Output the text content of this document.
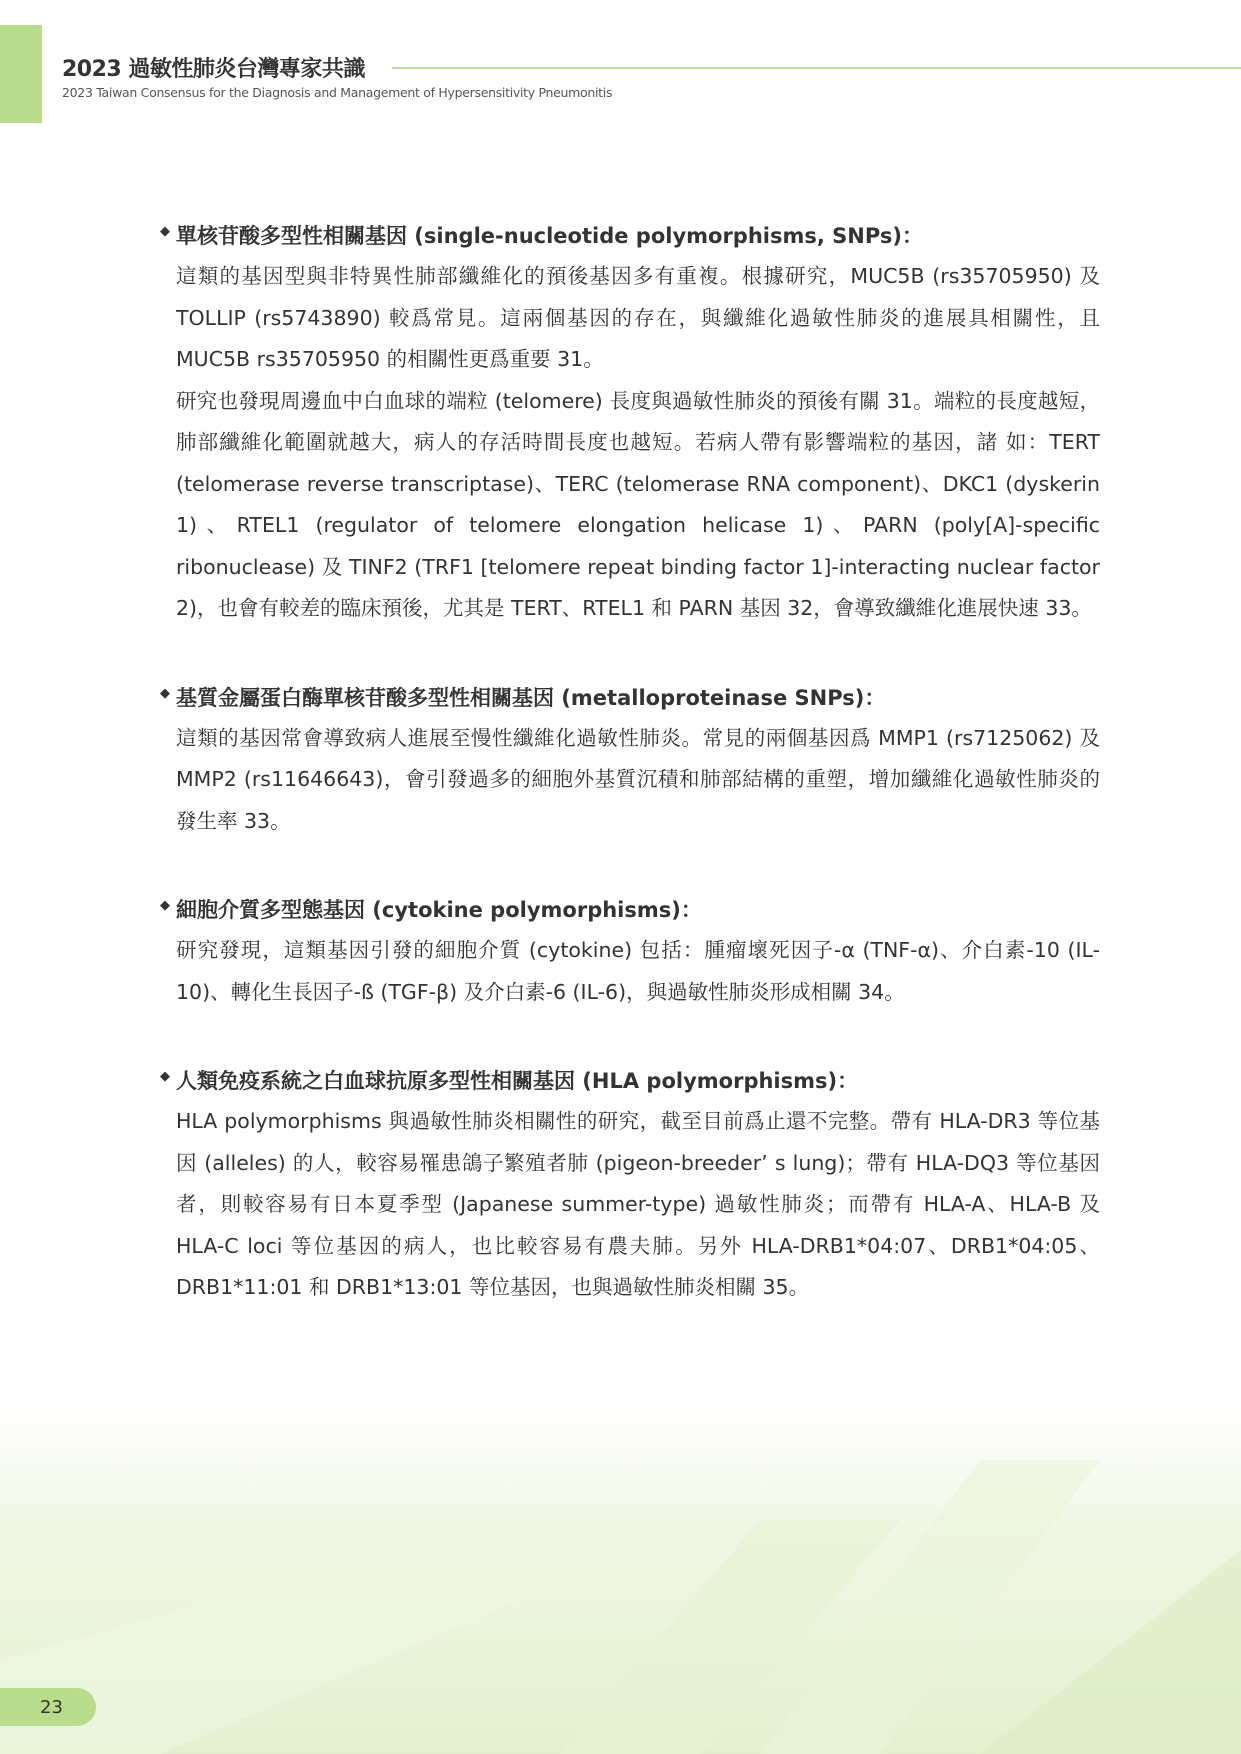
2023 過敏性肺炎台灣專家共識
2023 Taiwan Consensus for the Diagnosis and Management of Hypersensitivity Pneumonitis
◆ 單核苷酸多型性相關基因 (single-nucleotide polymorphisms, SNPs)：

這類的基因型與非特異性肺部纖維化的預後基因多有重複。根據研究，MUC5B (rs35705950) 及 TOLLIP (rs5743890) 較爲常見。這兩個基因的存在，與纖維化過敏性肺炎的進展具相關性，且 MUC5B rs35705950 的相關性更爲重要 31。

研究也發現周邊血中白血球的端粒 (telomere) 長度與過敏性肺炎的預後有關 31。端粒的長度越短，肺部纖維化範圍就越大，病人的存活時間長度也越短。若病人帶有影響端粒的基因，諸 如：TERT (telomerase reverse transcriptase)、TERC (telomerase RNA component)、DKC1 (dyskerin 1)、RTEL1 (regulator of telomere elongation helicase 1)、PARN (poly[A]-specific ribonuclease) 及 TINF2 (TRF1 [telomere repeat binding factor 1]-interacting nuclear factor 2)，也會有較差的臨床預後，尤其是 TERT、RTEL1 和 PARN 基因 32，會導致纖維化進展快速 33。

◆ 基質金屬蛋白酶單核苷酸多型性相關基因 (metalloproteinase SNPs)：

這類的基因常會導致病人進展至慢性纖維化過敏性肺炎。常見的兩個基因爲 MMP1 (rs7125062) 及 MMP2 (rs11646643)，會引發過多的細胞外基質沉積和肺部結構的重塑，增加纖維化過敏性肺炎的發生率 33。

◆ 細胞介質多型態基因 (cytokine polymorphisms)：

研究發現，這類基因引發的細胞介質 (cytokine) 包括：腫瘤壞死因子-α (TNF-α)、介白素-10 (IL-10)、轉化生長因子-ß (TGF-β) 及介白素-6 (IL-6)，與過敏性肺炎形成相關 34。

◆ 人類免疫系統之白血球抗原多型性相關基因 (HLA polymorphisms)：

HLA polymorphisms 與過敏性肺炎相關性的研究，截至目前爲止還不完整。帶有 HLA-DR3 等位基因 (alleles) 的人，較容易罹患鴿子繁殖者肺 (pigeon-breeder’ s lung)；帶有 HLA-DQ3 等位基因者，則較容易有日本夏季型 (Japanese summer-type) 過敏性肺炎；而帶有 HLA-A、HLA-B 及 HLA-C loci 等位基因的病人，也比較容易有農夫肺。另外 HLA-DRB1*04:07、DRB1*04:05、DRB1*11:01 和 DRB1*13:01 等位基因，也與過敏性肺炎相關 35。

23
